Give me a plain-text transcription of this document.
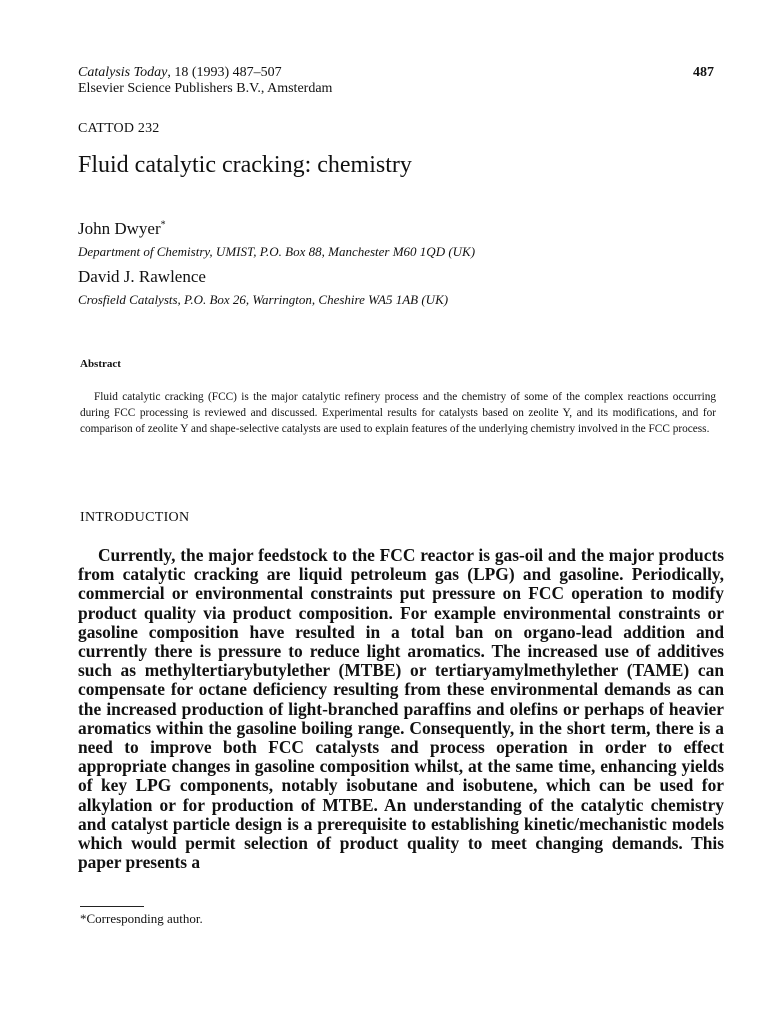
Catalysis Today, 18 (1993) 487–507
Elsevier Science Publishers B.V., Amsterdam
487
CATTOD 232
Fluid catalytic cracking: chemistry
John Dwyer*
Department of Chemistry, UMIST, P.O. Box 88, Manchester M60 1QD (UK)
David J. Rawlence
Crosfield Catalysts, P.O. Box 26, Warrington, Cheshire WA5 1AB (UK)
Abstract

Fluid catalytic cracking (FCC) is the major catalytic refinery process and the chemistry of some of the complex reactions occurring during FCC processing is reviewed and discussed. Experimental results for catalysts based on zeolite Y, and its modifications, and for comparison of zeolite Y and shape-selective catalysts are used to explain features of the underlying chemistry involved in the FCC process.

INTRODUCTION

Currently, the major feedstock to the FCC reactor is gas-oil and the major products from catalytic cracking are liquid petroleum gas (LPG) and gasoline. Periodically, commercial or environmental constraints put pressure on FCC operation to modify product quality via product composition. For example environmental constraints or gasoline composition have resulted in a total ban on organo-lead addition and currently there is pressure to reduce light aromatics. The increased use of additives such as methyltertiarybutylether (MTBE) or tertiaryamylmethylether (TAME) can compensate for octane deficiency resulting from these environmental demands as can the increased production of light-branched paraffins and olefins or perhaps of heavier aromatics within the gasoline boiling range. Consequently, in the short term, there is a need to improve both FCC catalysts and process operation in order to effect appropriate changes in gasoline composition whilst, at the same time, enhancing yields of key LPG components, notably isobutane and isobutene, which can be used for alkylation or for production of MTBE. An understanding of the catalytic chemistry and catalyst particle design is a prerequisite to establishing kinetic/mechanistic models which would permit selection of product quality to meet changing demands. This paper presents a

*Corresponding author.
